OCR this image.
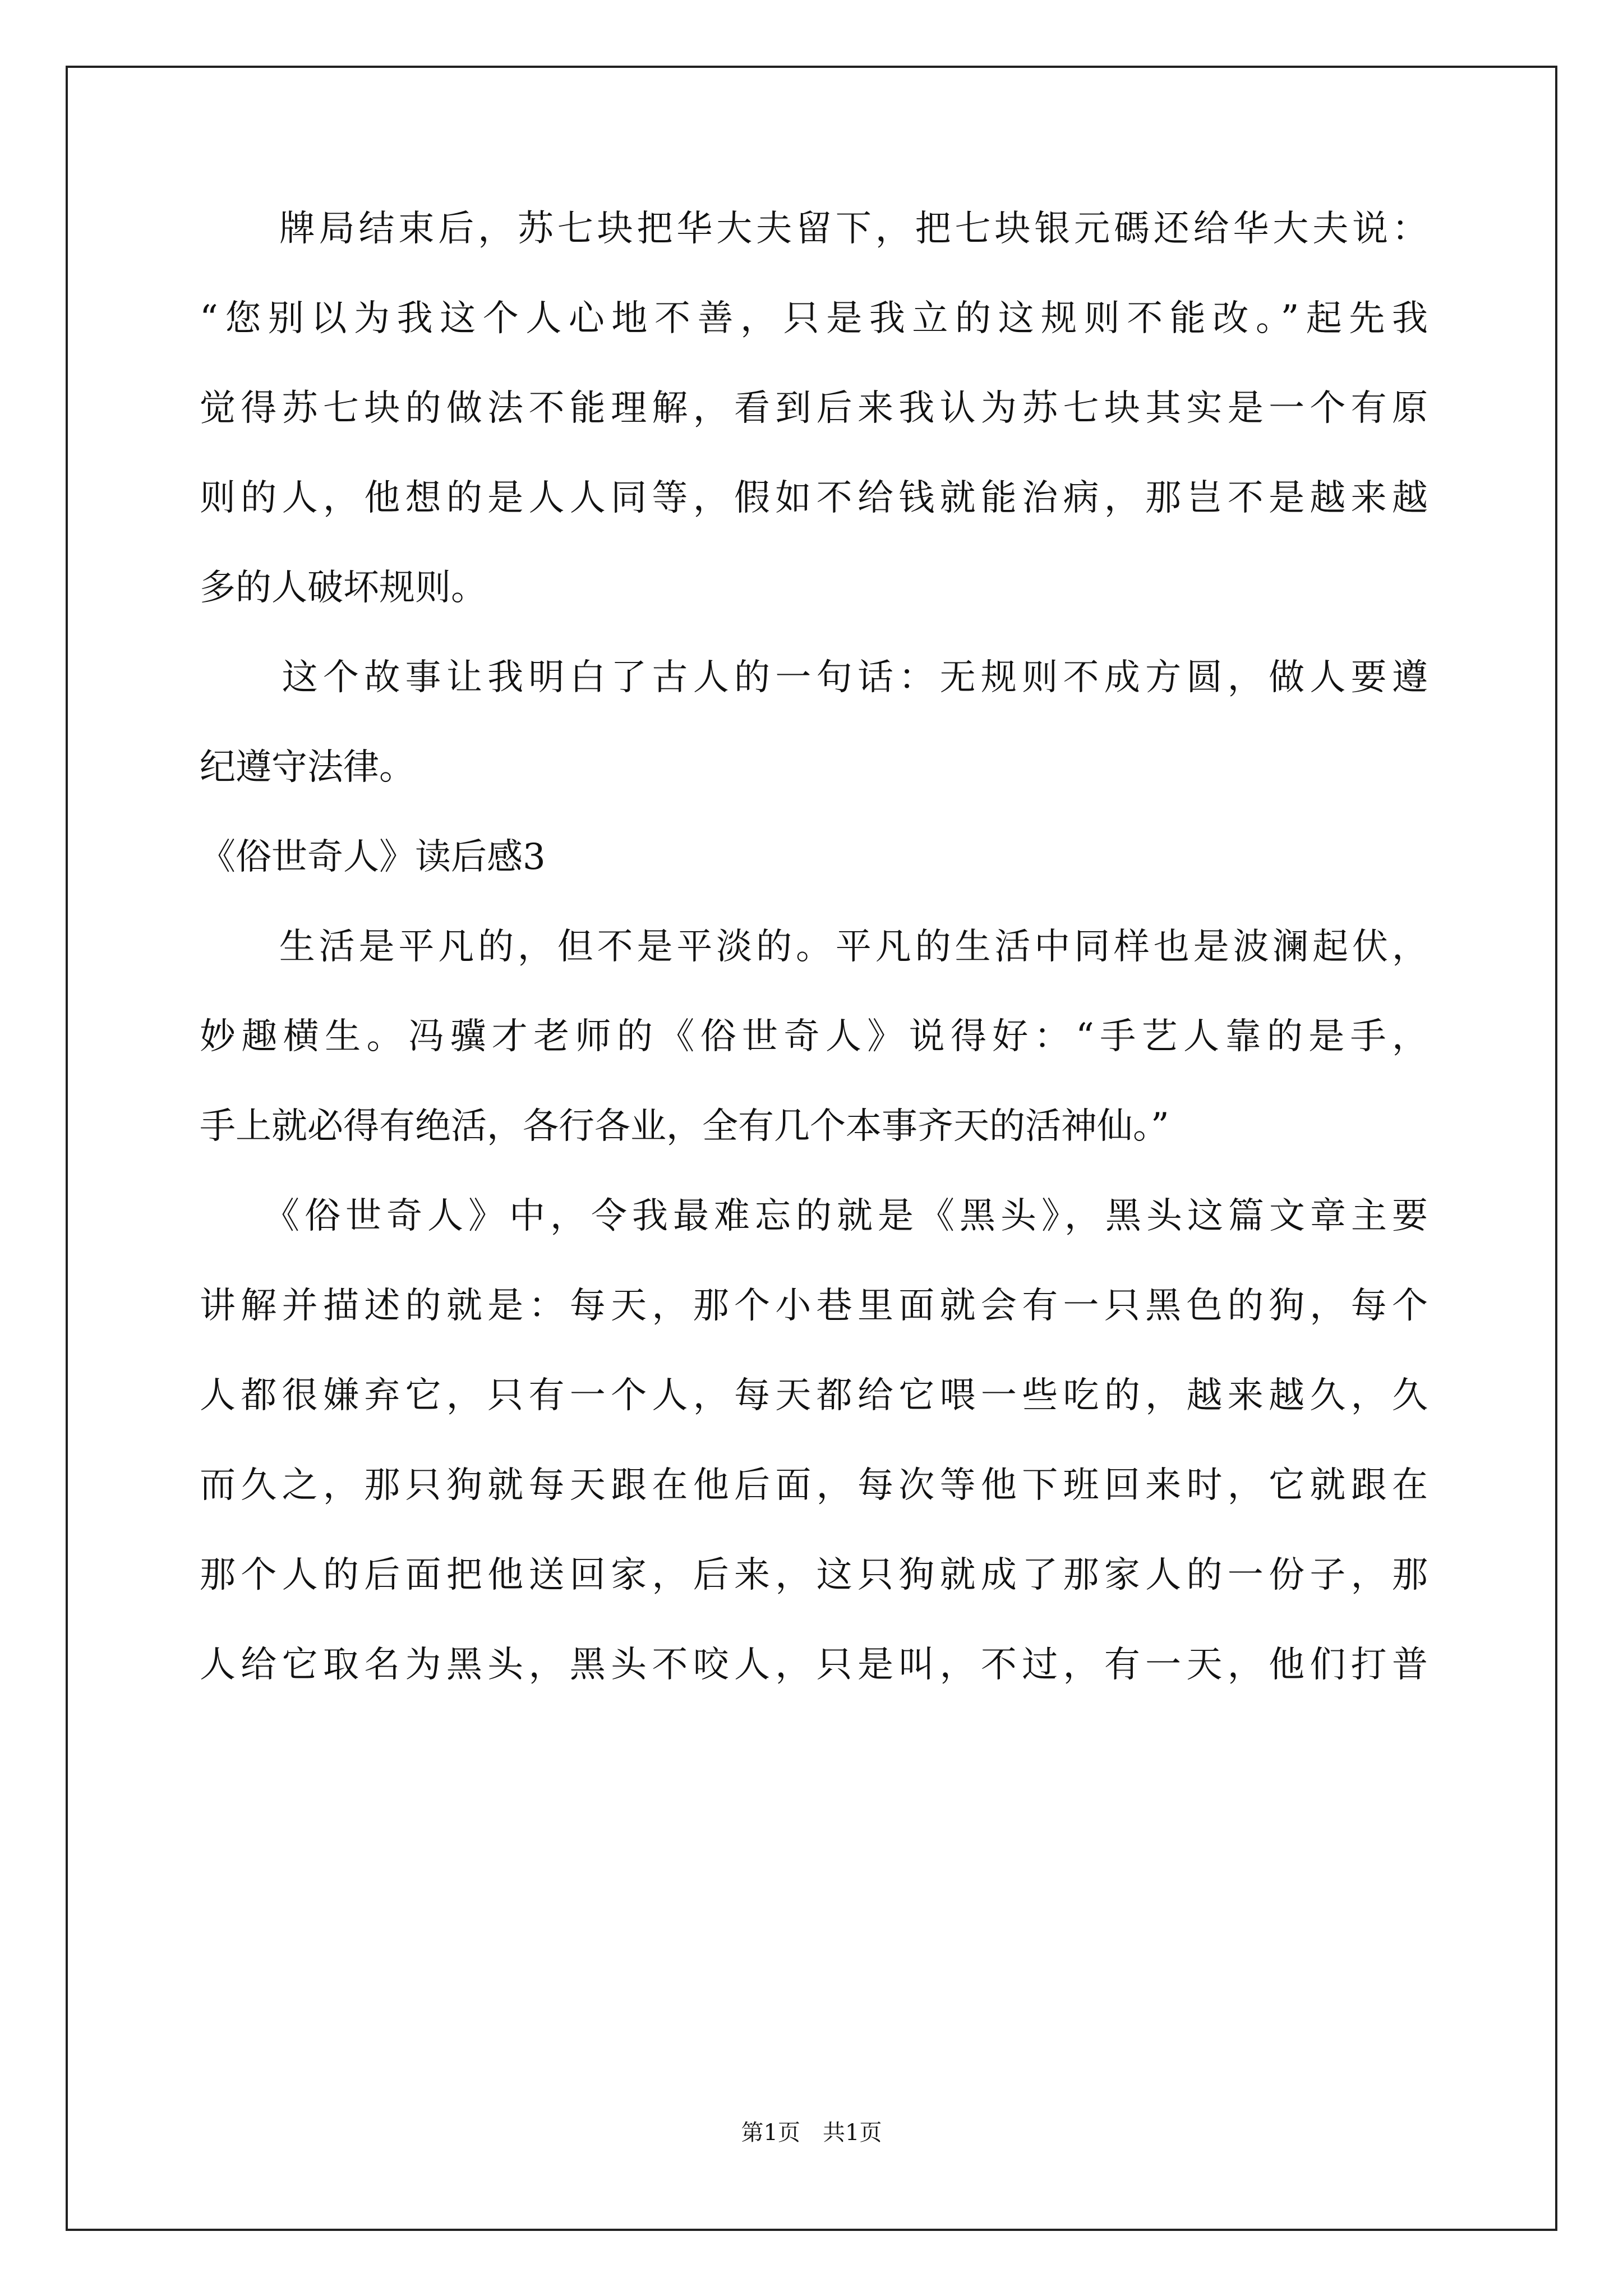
　　牌局结束后，苏七块把华大夫留下，把七块银元碼还给华大夫说：

“您别以为我这个人心地不善，只是我立的这规则不能改。”起先我

觉得苏七块的做法不能理解，看到后来我认为苏七块其实是一个有原

则的人，他想的是人人同等，假如不给钱就能治病，那岂不是越来越

多的人破坏规则。

　　这个故事让我明白了古人的一句话：无规则不成方圆，做人要遵

纪遵守法律。

《俗世奇人》读后感3

　　生活是平凡的，但不是平淡的。平凡的生活中同样也是波澜起伏，

妙趣横生。冯骥才老师的《俗世奇人》说得好：“手艺人靠的是手，

手上就必得有绝活，各行各业，全有几个本事齐天的活神仙。”

　　《俗世奇人》中，令我最难忘的就是《黑头》，黑头这篇文章主要

讲解并描述的就是：每天，那个小巷里面就会有一只黑色的狗，每个

人都很嫌弃它，只有一个人，每天都给它喂一些吃的，越来越久，久

而久之，那只狗就每天跟在他后面，每次等他下班回来时，它就跟在

那个人的后面把他送回家，后来，这只狗就成了那家人的一份子，那

人给它取名为黑头，黑头不咬人，只是叫，不过，有一天，他们打普

第1页 共1页
